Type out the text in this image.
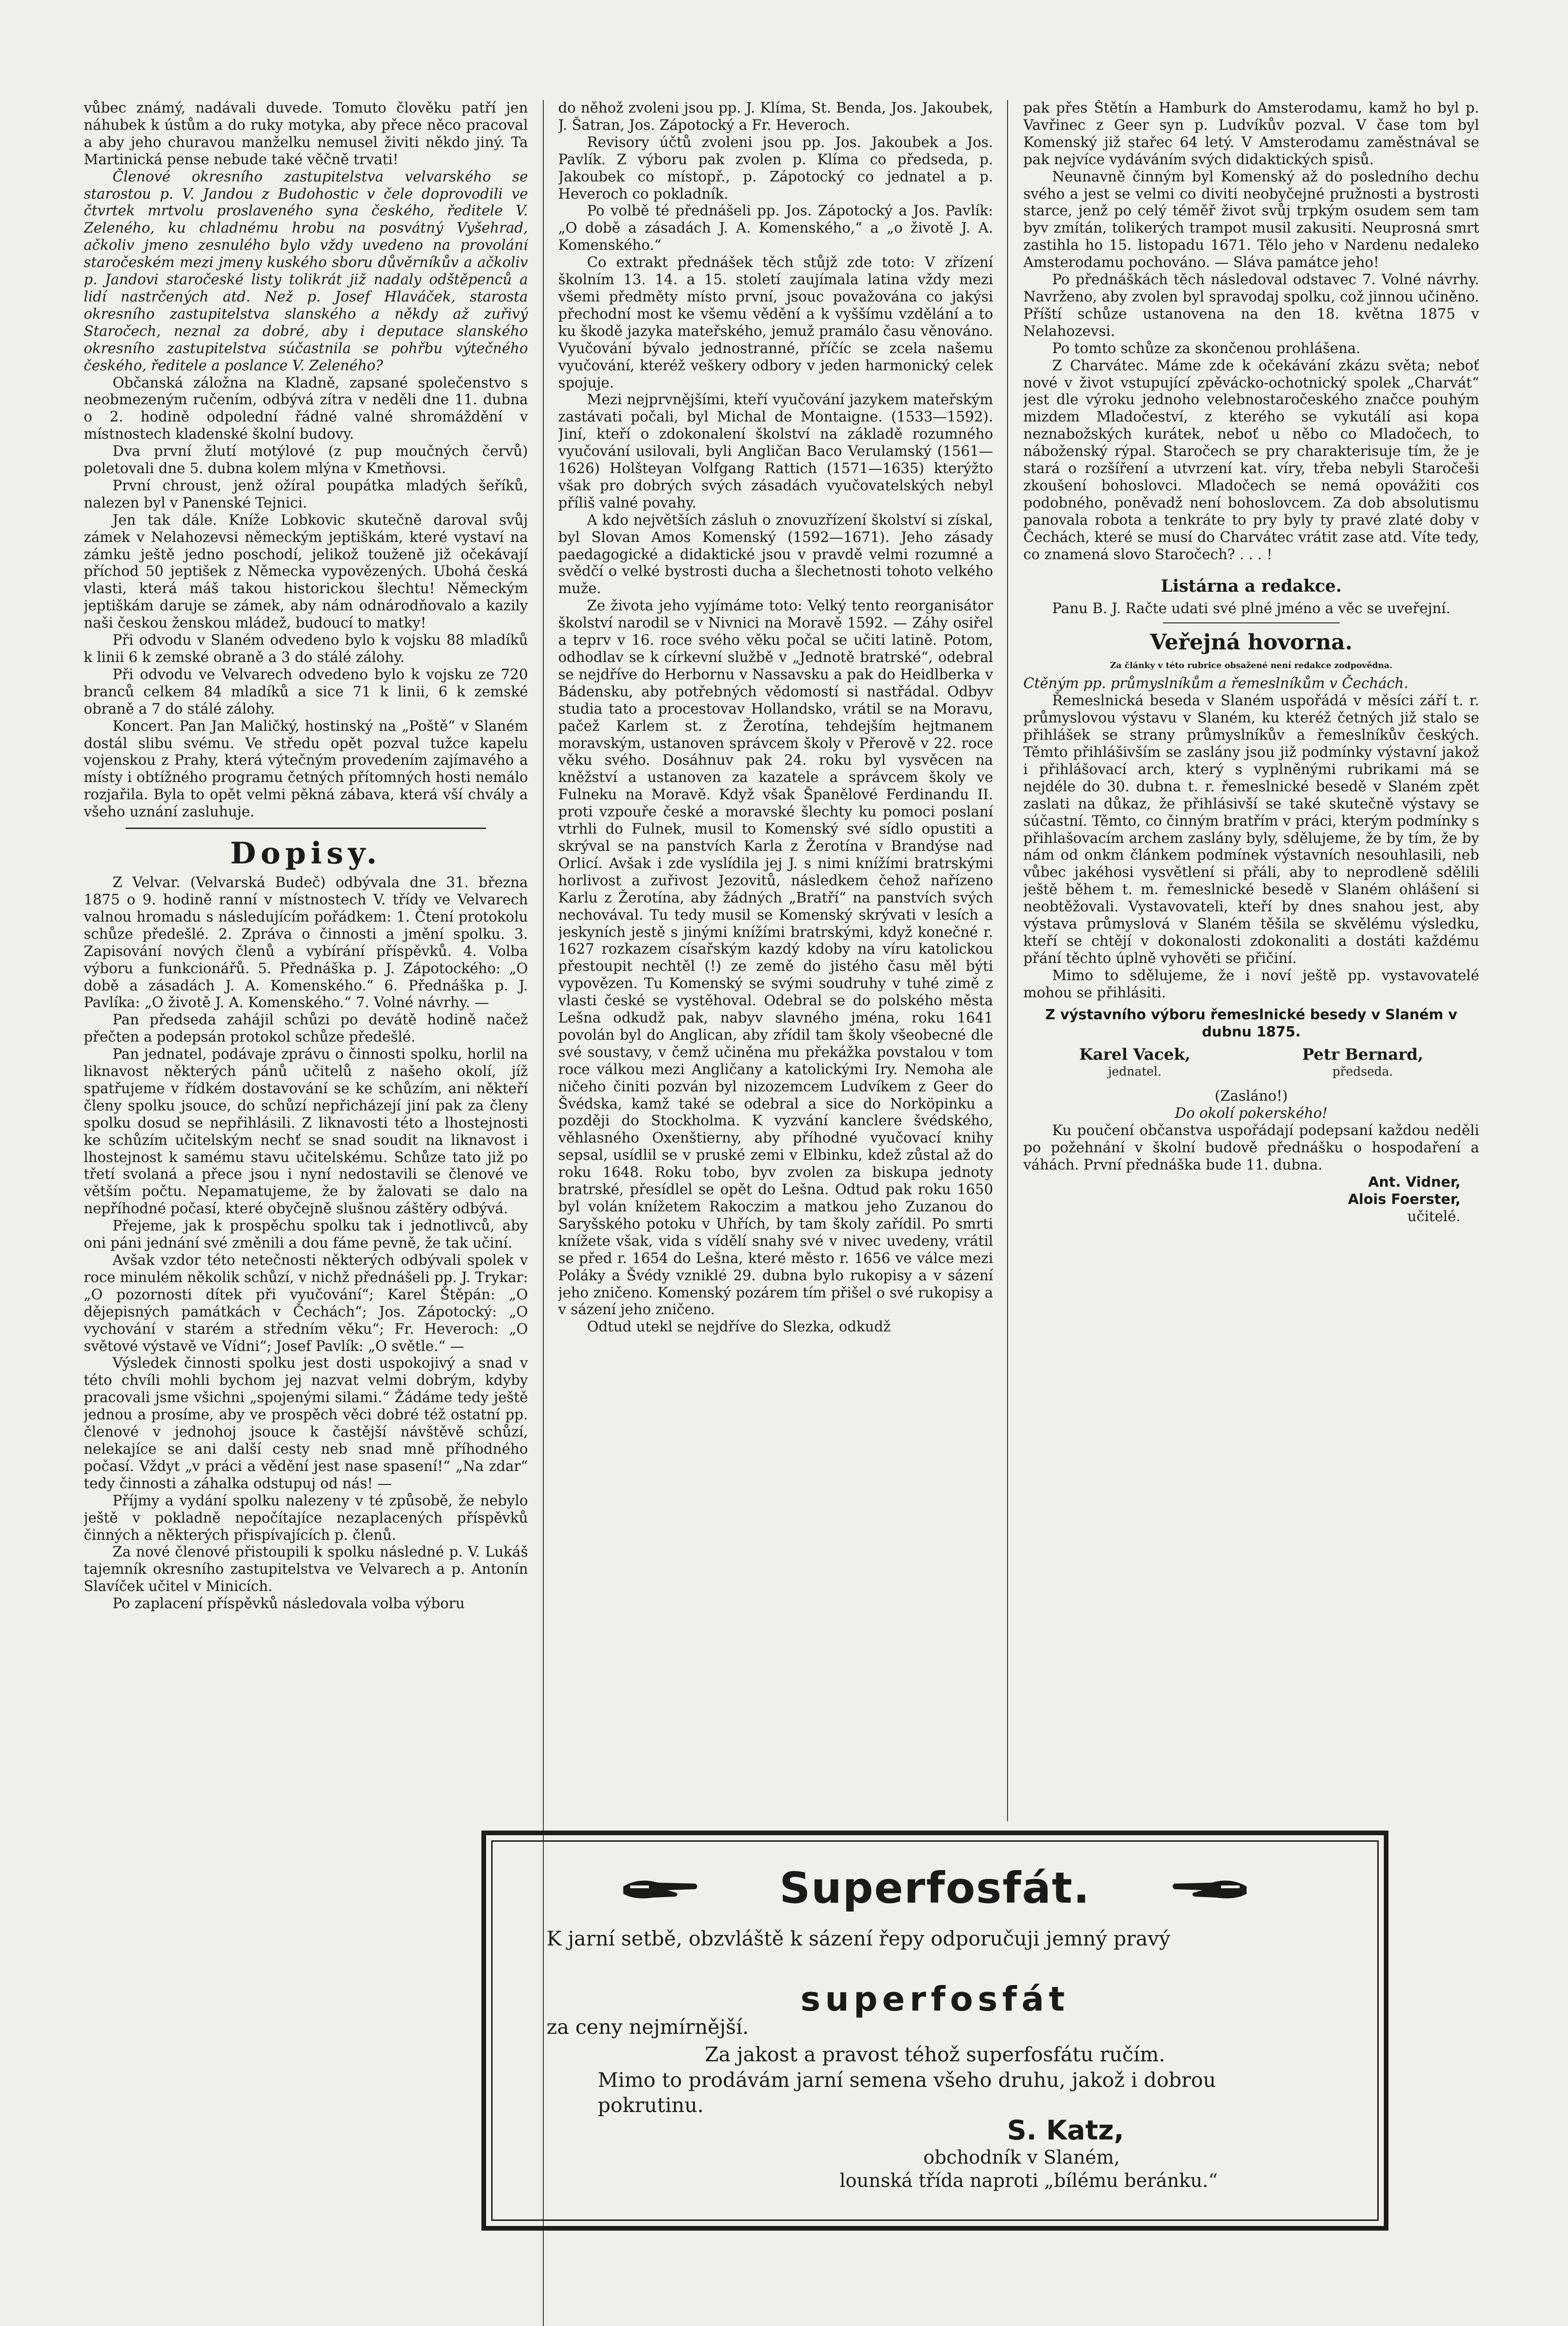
vůbec známý, nadávali duvede. Tomuto člověku patří jen náhubek k ústům a do ruky motyka, aby přece něco pracoval a aby jeho churavou manželku nemusel živiti někdo jiný. Ta Martinická pense nebude také věčně trvati!

Členové okresního zastupitelstva velvarského se starostou p. V. Jandou z Budohostic v čele doprovodili ve čtvrtek mrtvolu proslaveného syna českého, ředitele V. Zeleného, ku chladnému hrobu na posvátný Vyšehrad, ačkoliv jmeno zesnulého bylo vždy uvedeno na provolání staročeském mezi jmeny kuského sboru důvěrníkův a ačkoliv p. Jandovi staročeské listy tolikrát již nadaly odštěpenců a lidí nastrčených atd. Než p. Josef Hlaváček, starosta okresního zastupitelstva slanského a někdy až zuřivý Staročech, neznal za dobré, aby i deputace slanského okresního zastupitelstva súčastnila se pohřbu výtečného českého, ředitele a poslance V. Zeleného?

Občanská záložna na Kladně, zapsané společenstvo s neobmezeným ručením, odbývá zítra v neděli dne 11. dubna o 2. hodině odpolední řádné valné shromáždění v místnostech kladenské školní budovy.

Dva první žlutí motýlové (z pup moučných červů) poletovali dne 5. dubna kolem mlýna v Kmetňovsi.

První chroust, jenž ožíral poupátka mladých šeříků, nalezen byl v Panenské Tejnici.

Jen tak dále. Kníže Lobkovic skutečně daroval svůj zámek v Nelahozevsi německým jeptiškám, které vystaví na zámku ještě jedno poschodí, jelikož touženě již očekávají příchod 50 jeptišek z Německa vypovězených. Ubohá česká vlasti, která máš takou historickou šlechtu! Německým jeptiškám daruje se zámek, aby nám odnárodňovalo a kazily naši českou ženskou mládež, budoucí to matky!

Při odvodu v Slaném odvedeno bylo k vojsku 88 mladíků k linii 6 k zemské obraně a 3 do stálé zálohy.

Při odvodu ve Velvarech odvedeno bylo k vojsku ze 720 branců celkem 84 mladíků a sice 71 k linii, 6 k zemské obraně a 7 do stálé zálohy.

Koncert. Pan Jan Maličký, hostinský na „Poště“ v Slaném dostál slibu svému. Ve středu opět pozval tužce kapelu vojenskou z Prahy, která výtečným provedením zajímavého a místy i obtížného programu četných přítomných hosti nemálo rozjařila. Byla to opět velmi pěkná zábava, která vší chvály a všeho uznání zasluhuje.

Dopisy.

Z Velvar. (Velvarská Budeč) odbývala dne 31. března 1875 o 9. hodině ranní v místnostech V. třídy ve Velvarech valnou hromadu s následujícím pořádkem: 1. Čtení protokolu schůze předešlé. 2. Zpráva o činnosti a jmění spolku. 3. Zapisování nových členů a vybírání příspěvků. 4. Volba výboru a funkcionářů. 5. Přednáška p. J. Zápotockého: „O době a zásadách J. A. Komenského.“ 6. Přednáška p. J. Pavlíka: „O životě J. A. Komenského.“ 7. Volné návrhy. —

Pan předseda zahájil schůzi po devátě hodině načež přečten a podepsán protokol schůze předešlé.

Pan jednatel, podávaje zprávu o činnosti spolku, horlil na liknavost některých pánů učitelů z našeho okolí, jíž spatřujeme v řídkém dostavování se ke schůzím, ani někteří členy spolku jsouce, do schůzí nepřicházejí jiní pak za členy spolku dosud se nepřihlásili. Z liknavosti této a lhostejnosti ke schůzím učitelským nechť se snad soudit na liknavost i lhostejnost k samému stavu učitelskému. Schůze tato již po třetí svolaná a přece jsou i nyní nedostavili se členové ve větším počtu. Nepamatujeme, že by žalovati se dalo na nepříhodné počasí, které obyčejně slušnou záštěry odbývá.

Přejeme, jak k prospěchu spolku tak i jednotlivců, aby oni páni jednání své změnili a dou fáme pevně, že tak učiní.

Avšak vzdor této netečnosti některých odbývali spolek v roce minulém několik schůzí, v nichž přednášeli pp. J. Trykar: „O pozornosti dítek při vyučování“; Karel Štěpán: „O dějepisných památkách v Čechách“; Jos. Zápotocký: „O vychování v starém a středním věku“; Fr. Heveroch: „O světové výstavě ve Vídni“; Josef Pavlík: „O světle.“ —

Výsledek činnosti spolku jest dosti uspokojivý a snad v této chvíli mohli bychom jej nazvat velmi dobrým, kdyby pracovali jsme všichni „spojenými silami.“ Žádáme tedy ještě jednou a prosíme, aby ve prospěch věci dobré též ostatní pp. členové v jednohoj jsouce k častější návštěvě schůzí, nelekajíce se ani další cesty neb snad mně příhodného počasí. Vždyt „v práci a vědění jest nase spasení!“ „Na zdar“ tedy činnosti a záhalka odstupuj od nás! —

Příjmy a vydání spolku nalezeny v té způsobě, že nebylo ještě v pokladně nepočítajíce nezaplacených příspěvků činných a některých přispívajících p. členů.

Za nové členové přistoupili k spolku následné p. V. Lukáš tajemník okresního zastupitelstva ve Velvarech a p. Antonín Slavíček učitel v Minicích.

Po zaplacení příspěvků následovala volba výboru

do něhož zvoleni jsou pp. J. Klíma, St. Benda, Jos. Jakoubek, J. Šatran, Jos. Zápotocký a Fr. Heveroch.

Revisory účtů zvoleni jsou pp. Jos. Jakoubek a Jos. Pavlík. Z výboru pak zvolen p. Klíma co předseda, p. Jakoubek co místopř., p. Zápotocký co jednatel a p. Heveroch co pokladník.

Po volbě té přednášeli pp. Jos. Zápotocký a Jos. Pavlík: „O době a zásadách J. A. Komenského,“ a „o životě J. A. Komenského.“

Co extrakt přednášek těch stůjž zde toto: V zřízení školním 13. 14. a 15. století zaujímala latina vždy mezi všemi předměty místo první, jsouc považována co jakýsi přechodní most ke všemu vědění a k vyššímu vzdělání a to ku škodě jazyka mateřského, jemuž pramálo času věnováno. Vyučování bývalo jednostranné, příčíc se zcela našemu vyučování, kteréž veškery odbory v jeden harmonický celek spojuje.

Mezi nejprvnějšími, kteří vyučování jazykem mateřským zastávati počali, byl Michal de Montaigne. (1533—1592). Jiní, kteří o zdokonalení školství na základě rozumného vyučování usilovali, byli Angličan Baco Verulamský (1561—1626) Holšteyan Volfgang Rattich (1571—1635) kterýžto však pro dobrých svých zásadách vyučovatelských nebyl příliš valné povahy.

A kdo největších zásluh o znovuzřízení školství si získal, byl Slovan Amos Komenský (1592—1671). Jeho zásady paedagogické a didaktické jsou v pravdě velmi rozumné a svědčí o velké bystrosti ducha a šlechetnosti tohoto velkého muže.

Ze života jeho vyjímáme toto: Velký tento reorganisátor školství narodil se v Nivnici na Moravě 1592. — Záhy osiřel a teprv v 16. roce svého věku počal se učiti latině. Potom, odhodlav se k církevní službě v „Jednotě bratrské“, odebral se nejdříve do Herbornu v Nassavsku a pak do Heidlberka v Bádensku, aby potřebných vědomostí si nastřádal. Odbyv studia tato a procestovav Hollandsko, vrátil se na Moravu, pačež Karlem st. z Žerotína, tehdejším hejtmanem moravským, ustanoven správcem školy v Přerově v 22. roce věku svého. Dosáhnuv pak 24. roku byl vysvěcen na kněžství a ustanoven za kazatele a správcem školy ve Fulneku na Moravě. Když však Španělové Ferdinandu II. proti vzpouře české a moravské šlechty ku pomoci poslaní vtrhli do Fulnek, musil to Komenský své sídlo opustiti a skrýval se na panstvích Karla z Žerotína v Brandýse nad Orlicí. Avšak i zde vyslídila jej J. s nimi knížími bratrskými horlivost a zuřivost Jezovitů, následkem čehož nařízeno Karlu z Žerotína, aby žádných „Bratří“ na panstvích svých nechovával. Tu tedy musil se Komenský skrývati v lesích a jeskyních jestě s jinými knížími bratrskými, když konečné r. 1627 rozkazem císařským kazdý kdoby na víru katolickou přestoupit nechtěl (!) ze země do jistého času měl býti vypovězen. Tu Komenský se svými soudruhy v tuhé zimě z vlasti české se vystěhoval. Odebral se do polského města Lešna odkudž pak, nabyv slavného jména, roku 1641 povolán byl do Anglican, aby zřídil tam školy všeobecné dle své soustavy, v čemž učiněna mu překážka povstalou v tom roce válkou mezi Angličany a katolickými Iry. Nemoha ale ničeho činiti pozván byl nizozemcem Ludvíkem z Geer do Švédska, kamž také se odebral a sice do Norköpinku a později do Stockholma. K vyzvání kanclere švédského, věhlasného Oxenštierny, aby příhodné vyučovací knihy sepsal, usídlil se v pruské zemi v Elbinku, kdež zůstal až do roku 1648. Roku tobo, byv zvolen za biskupa jednoty bratrské, přesídlel se opět do Lešna. Odtud pak roku 1650 byl volán knížetem Rakoczim a matkou jeho Zuzanou do Saryšského potoku v Uhřích, by tam školy zařídil. Po smrti knížete však, vida s vídělí snahy své v nivec uvedeny, vrátil se před r. 1654 do Lešna, které město r. 1656 ve válce mezi Poláky a Švédy vzniklé 29. dubna bylo rukopisy a v sázení jeho zničeno. Komenský pozárem tím přišel o své rukopisy a v sázení jeho zničeno.

Odtud utekl se nejdříve do Slezka, odkudž

pak přes Štětín a Hamburk do Amsterodamu, kamž ho byl p. Vavřinec z Geer syn p. Ludvíkův pozval. V čase tom byl Komenský již stařec 64 letý. V Amsterodamu zaměstnával se pak nejvíce vydáváním svých didaktických spisů.

Neunavně činným byl Komenský až do posledního dechu svého a jest se velmi co diviti neobyčejné pružnosti a bystrosti starce, jenž po celý téměř život svůj trpkým osudem sem tam byv zmítán, tolikerých trampot musil zakusiti. Neuprosná smrt zastihla ho 15. listopadu 1671. Tělo jeho v Nardenu nedaleko Amsterodamu pochováno. — Sláva památce jeho!

Po přednáškách těch následoval odstavec 7. Volné návrhy. Navrženo, aby zvolen byl spravodaj spolku, což jinnou učiněno. Příští schůze ustanovena na den 18. května 1875 v Nelahozevsi.

Po tomto schůze za skončenou prohlášena.

Z Charvátec. Máme zde k očekávání zkázu světa; neboť nové v život vstupující zpěvácko-ochotnický spolek „Charvát“ jest dle výroku jednoho velebnostaročeského značce pouhým mizdem Mladočeství, z kterého se vykutálí asi kopa neznabožských kurátek, neboť u něbo co Mladočech, to náboženský rýpal. Staročech se pry charakterisuje tím, že je stará o rozšíření a utvrzení kat. víry, třeba nebyli Staročeši zkoušení bohoslovci. Mladočech se nemá opovážiti cos podobného, poněvadž není bohoslovcem. Za dob absolutismu panovala robota a tenkráte to pry byly ty pravé zlaté doby v Čechách, které se musí do Charvátec vrátit zase atd. Víte tedy, co znamená slovo Staročech? . . . !

Listárna a redakce.

Panu B. J. Račte udati své plné jméno a věc se uveřejní.

Veřejná hovorna.
Za články v této rubrice obsažené není redakce zodpovědna.

Ctěným pp. průmyslníkům a řemeslníkům v Čechách.

Řemeslnická beseda v Slaném uspořádá v měsíci září t. r. průmyslovou výstavu v Slaném, ku kteréž četných již stalo se přihlášek se strany průmyslníkův a řemeslníkův českých. Těmto přihlášivším se zaslány jsou již podmínky výstavní jakož i přihlášovací arch, který s vyplněnými rubrikami má se nejdéle do 30. dubna t. r. řemeslnické besedě v Slaném zpět zaslati na důkaz, že přihlásivší se také skutečně výstavy se súčastní. Těmto, co činným bratřím v práci, kterým podmínky s přihlašovacím archem zaslány byly, sdělujeme, že by tím, že by nám od onkm článkem podmínek výstavních nesouhlasili, neb vůbec jakéhosi vysvětlení si přáli, aby to neprodleně sdělili ještě během t. m. řemeslnické besedě v Slaném ohlášení si neobtěžovali. Vystavovateli, kteří by dnes snahou jest, aby výstava průmyslová v Slaném těšila se skvělému výsledku, kteří se chtějí v dokonalosti zdokonaliti a dostáti každému přání těchto úplně vyhověti se přičiní.

Mimo to sdělujeme, že i noví ještě pp. vystavovatelé mohou se přihlásiti.

Z výstavního výboru řemeslnické besedy v Slaném v dubnu 1875.
Karel Vacek,
jednatel.
Petr Bernard,
předseda.
(Zasláno!)
Do okolí pokerského!

Ku poučení občanstva uspořádají podepsaní každou neděli po požehnání v školní budově přednášku o hospodaření a váhách. První přednáška bude 11. dubna.

Ant. Vidner,
Alois Foerster,
učitelé.
Superfosfát.
K jarní setbě, obzvláště k sázení řepy odporučuji jemný pravý
superfosfát
za ceny nejmírnější.
Za jakost a pravost téhož superfosfátu ručím.
Mimo to prodávám jarní semena všeho druhu, jakož i dobrou pokrutinu.
S. Katz,
obchodník v Slaném,
lounská třída naproti „bílému beránku.“
